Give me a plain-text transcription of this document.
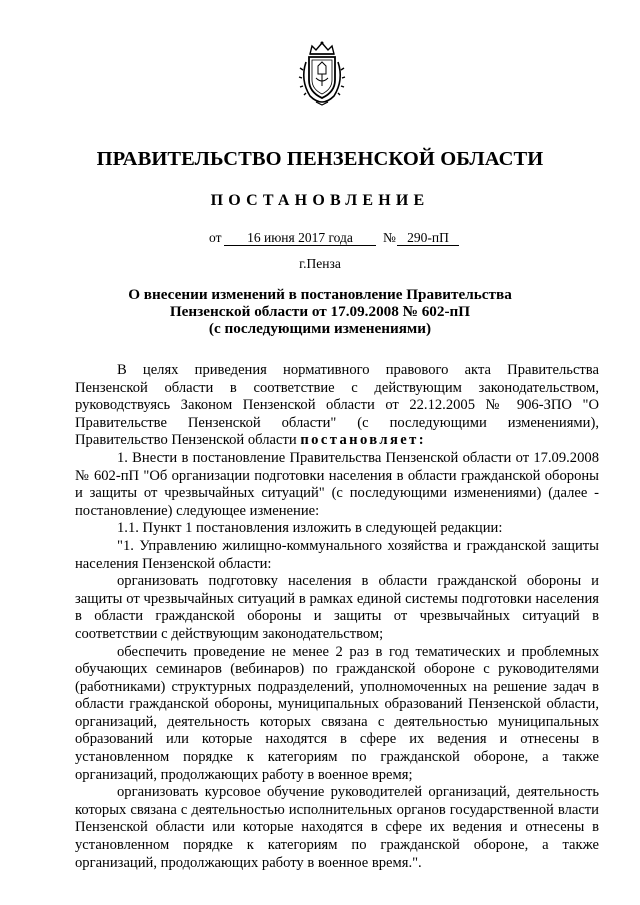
ПРАВИТЕЛЬСТВО ПЕНЗЕНСКОЙ ОБЛАСТИ
ПОСТАНОВЛЕНИЕ
от	16 июня 2017 года	№ 290-пП
г.Пенза
О внесении изменений в постановление Правительства
Пензенской области от 17.09.2008 № 602-пП
(с последующими изменениями)

В целях приведения нормативного правового акта Правительства Пензенской области в соответствие с действующим законодательством, руководствуясь Законом Пензенской области от 22.12.2005 № 906-ЗПО "О Правительстве Пензенской области" (с последующими изменениями), Правительство Пензенской области постановляет:

1. Внести в постановление Правительства Пензенской области от 17.09.2008 № 602-пП "Об организации подготовки населения в области гражданской обороны и защиты от чрезвычайных ситуаций" (с последующими изменениями) (далее - постановление) следующее изменение:

1.1. Пункт 1 постановления изложить в следующей редакции:

"1. Управлению жилищно-коммунального хозяйства и гражданской защиты населения Пензенской области:

организовать подготовку населения в области гражданской обороны и защиты от чрезвычайных ситуаций в рамках единой системы подготовки населения в области гражданской обороны и защиты от чрезвычайных ситуаций в соответствии с действующим законодательством;

обеспечить проведение не менее 2 раз в год тематических и проблемных обучающих семинаров (вебинаров) по гражданской обороне с руководителями (работниками) структурных подразделений, уполномоченных на решение задач в области гражданской обороны, муниципальных образований Пензенской области, организаций, деятельность которых связана с деятельностью муниципальных образований или которые находятся в сфере их ведения и отнесены в установленном порядке к категориям по гражданской обороне, а также организаций, продолжающих работу в военное время;

организовать курсовое обучение руководителей организаций, деятельность которых связана с деятельностью исполнительных органов государственной власти Пензенской области или которые находятся в сфере их ведения и отнесены в установленном порядке к категориям по гражданской обороне, а также организаций, продолжающих работу в военное время.".
